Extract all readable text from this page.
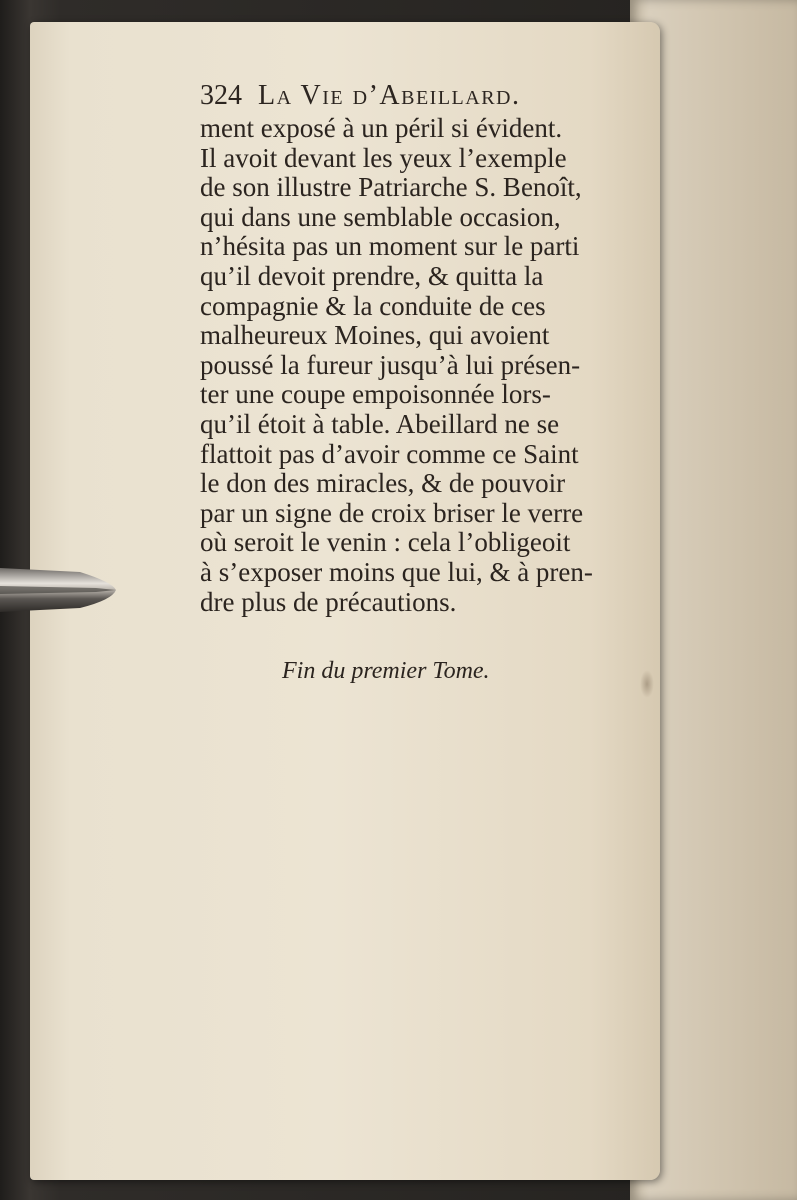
324 La Vie d’Abeillard.
ment exposé à un péril si évident.
Il avoit devant les yeux l’exemple
de son illustre Patriarche S. Benoît,
qui dans une semblable occasion,
n’hésita pas un moment sur le parti
qu’il devoit prendre, & quitta la
compagnie & la conduite de ces
malheureux Moines, qui avoient
poussé la fureur jusqu’à lui présen-
ter une coupe empoisonnée lors-
qu’il étoit à table. Abeillard ne se
flattoit pas d’avoir comme ce Saint
le don des miracles, & de pouvoir
par un signe de croix briser le verre
où seroit le venin : cela l’obligeoit
à s’exposer moins que lui, & à pren-
dre plus de précautions.
Fin du premier Tome.
